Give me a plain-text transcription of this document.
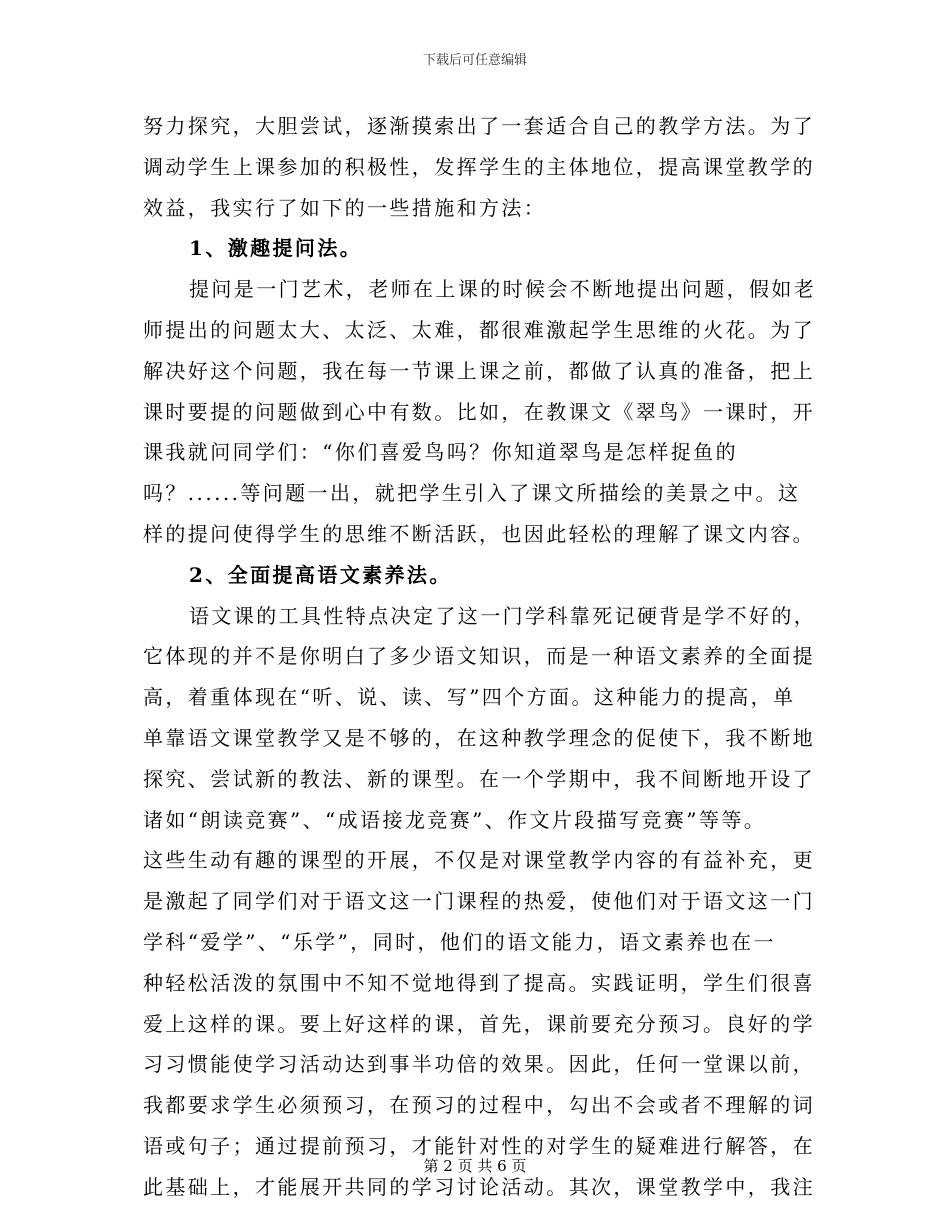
下载后可任意编辑
努力探究，大胆尝试，逐渐摸索出了一套适合自己的教学方法。为了
调动学生上课参加的积极性，发挥学生的主体地位，提高课堂教学的
效益，我实行了如下的一些措施和方法：
1、激趣提问法。
提问是一门艺术，老师在上课的时候会不断地提出问题，假如老
师提出的问题太大、太泛、太难，都很难激起学生思维的火花。为了
解决好这个问题，我在每一节课上课之前，都做了认真的准备，把上
课时要提的问题做到心中有数。比如，在教课文《翠鸟》一课时，开
课我就问同学们：“你们喜爱鸟吗？你知道翠鸟是怎样捉鱼的
吗？......等问题一出，就把学生引入了课文所描绘的美景之中。这
样的提问使得学生的思维不断活跃，也因此轻松的理解了课文内容。
2、全面提高语文素养法。
语文课的工具性特点决定了这一门学科靠死记硬背是学不好的，
它体现的并不是你明白了多少语文知识，而是一种语文素养的全面提
高，着重体现在“听、说、读、写”四个方面。这种能力的提高，单
单靠语文课堂教学又是不够的，在这种教学理念的促使下，我不断地
探究、尝试新的教法、新的课型。在一个学期中，我不间断地开设了
诸如“朗读竞赛”、“成语接龙竞赛”、作文片段描写竞赛”等等。
这些生动有趣的课型的开展，不仅是对课堂教学内容的有益补充，更
是激起了同学们对于语文这一门课程的热爱，使他们对于语文这一门
学科“爱学”、“乐学”，同时，他们的语文能力，语文素养也在一
种轻松活泼的氛围中不知不觉地得到了提高。实践证明，学生们很喜
爱上这样的课。要上好这样的课，首先，课前要充分预习。良好的学
习习惯能使学习活动达到事半功倍的效果。因此，任何一堂课以前，
我都要求学生必须预习，在预习的过程中，勾出不会或者不理解的词
语或句子；通过提前预习，才能针对性的对学生的疑难进行解答，在
此基础上，才能展开共同的学习讨论活动。其次，课堂教学中，我注
第 2 页 共 6 页
